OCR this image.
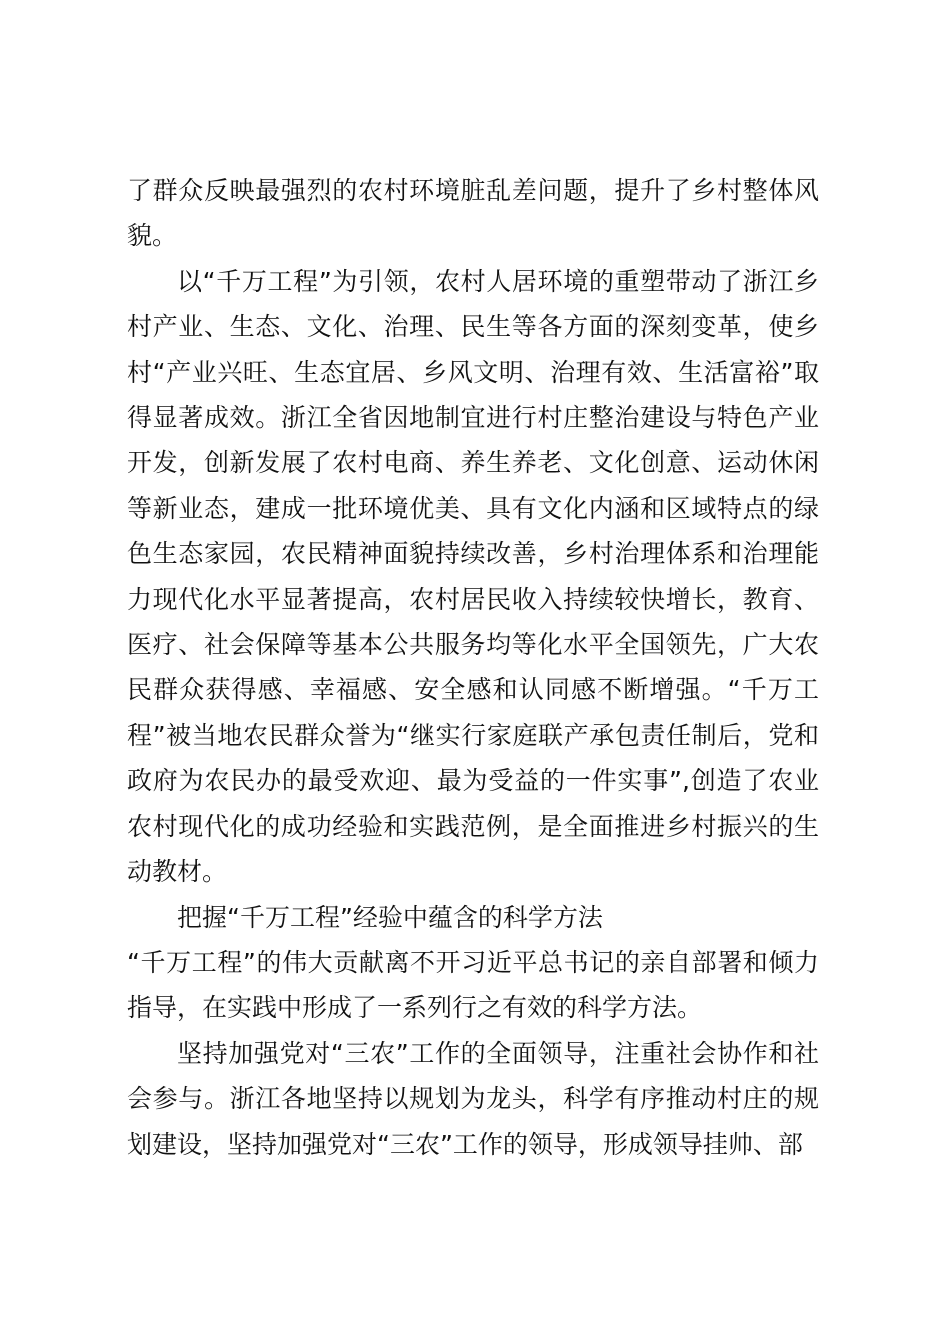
了群众反映最强烈的农村环境脏乱差问题，提升了乡村整体风貌。

以“千万工程”为引领，农村人居环境的重塑带动了浙江乡村产业、生态、文化、治理、民生等各方面的深刻变革，使乡村“产业兴旺、生态宜居、乡风文明、治理有效、生活富裕”取得显著成效。浙江全省因地制宜进行村庄整治建设与特色产业开发，创新发展了农村电商、养生养老、文化创意、运动休闲等新业态，建成一批环境优美、具有文化内涵和区域特点的绿色生态家园，农民精神面貌持续改善，乡村治理体系和治理能力现代化水平显著提高，农村居民收入持续较快增长，教育、医疗、社会保障等基本公共服务均等化水平全国领先，广大农民群众获得感、幸福感、安全感和认同感不断增强。“千万工程”被当地农民群众誉为“继实行家庭联产承包责任制后，党和政府为农民办的最受欢迎、最为受益的一件实事”,创造了农业农村现代化的成功经验和实践范例，是全面推进乡村振兴的生动教材。

把握“千万工程”经验中蕴含的科学方法

“千万工程”的伟大贡献离不开习近平总书记的亲自部署和倾力指导，在实践中形成了一系列行之有效的科学方法。

坚持加强党对“三农”工作的全面领导，注重社会协作和社会参与。浙江各地坚持以规划为龙头，科学有序推动村庄的规划建设，坚持加强党对“三农”工作的领导，形成领导挂帅、部
